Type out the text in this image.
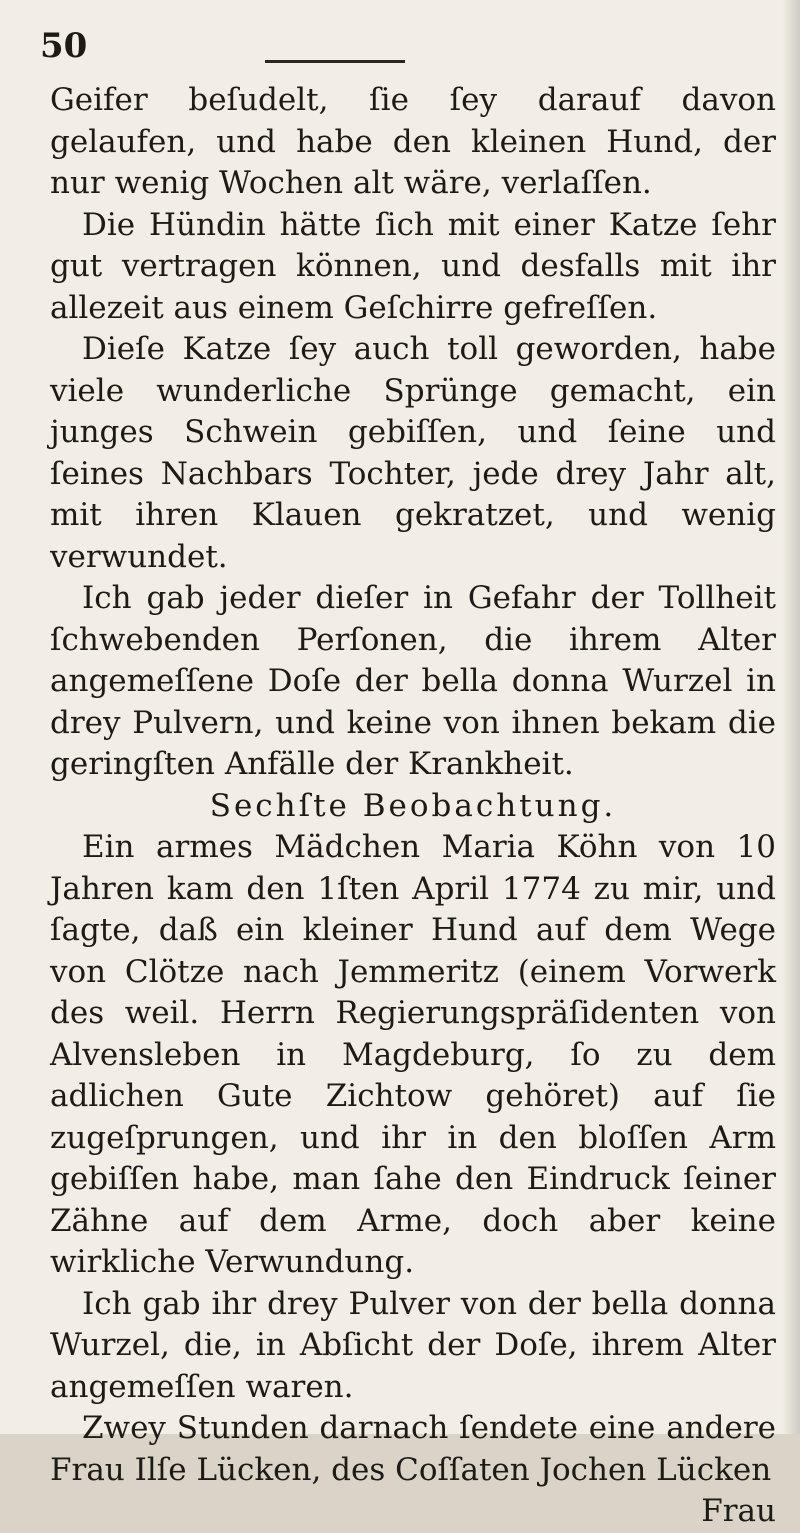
50

Geifer beſudelt, ſie ſey darauf davon gelaufen, und habe den kleinen Hund, der nur wenig Wochen alt wäre, verlaſſen.

Die Hündin hätte ſich mit einer Katze ſehr gut vertragen können, und desfalls mit ihr allezeit aus einem Geſchirre gefreſſen.

Dieſe Katze ſey auch toll geworden, habe viele wunderliche Sprünge gemacht, ein junges Schwein gebiſſen, und ſeine und ſeines Nachbars Tochter, jede drey Jahr alt, mit ihren Klauen gekratzet, und wenig verwundet.

Ich gab jeder dieſer in Gefahr der Tollheit ſchwebenden Perſonen, die ihrem Alter angemeſſene Doſe der bella donna Wurzel in drey Pulvern, und keine von ihnen bekam die geringſten Anfälle der Krankheit.

Sechſte Beobachtung.

Ein armes Mädchen Maria Köhn von 10 Jahren kam den 1ſten April 1774 zu mir, und ſagte, daß ein kleiner Hund auf dem Wege von Clötze nach Jemmeritz (einem Vorwerk des weil. Herrn Regierungspräſidenten von Alvensleben in Magdeburg, ſo zu dem adlichen Gute Zichtow gehöret) auf ſie zugeſprungen, und ihr in den bloſſen Arm gebiſſen habe, man ſahe den Eindruck ſeiner Zähne auf dem Arme, doch aber keine wirkliche Verwundung.

Ich gab ihr drey Pulver von der bella donna Wurzel, die, in Abſicht der Doſe, ihrem Alter angemeſſen waren.

Zwey Stunden darnach ſendete eine andere Frau Ilſe Lücken, des Coſſaten Jochen Lücken

Frau
